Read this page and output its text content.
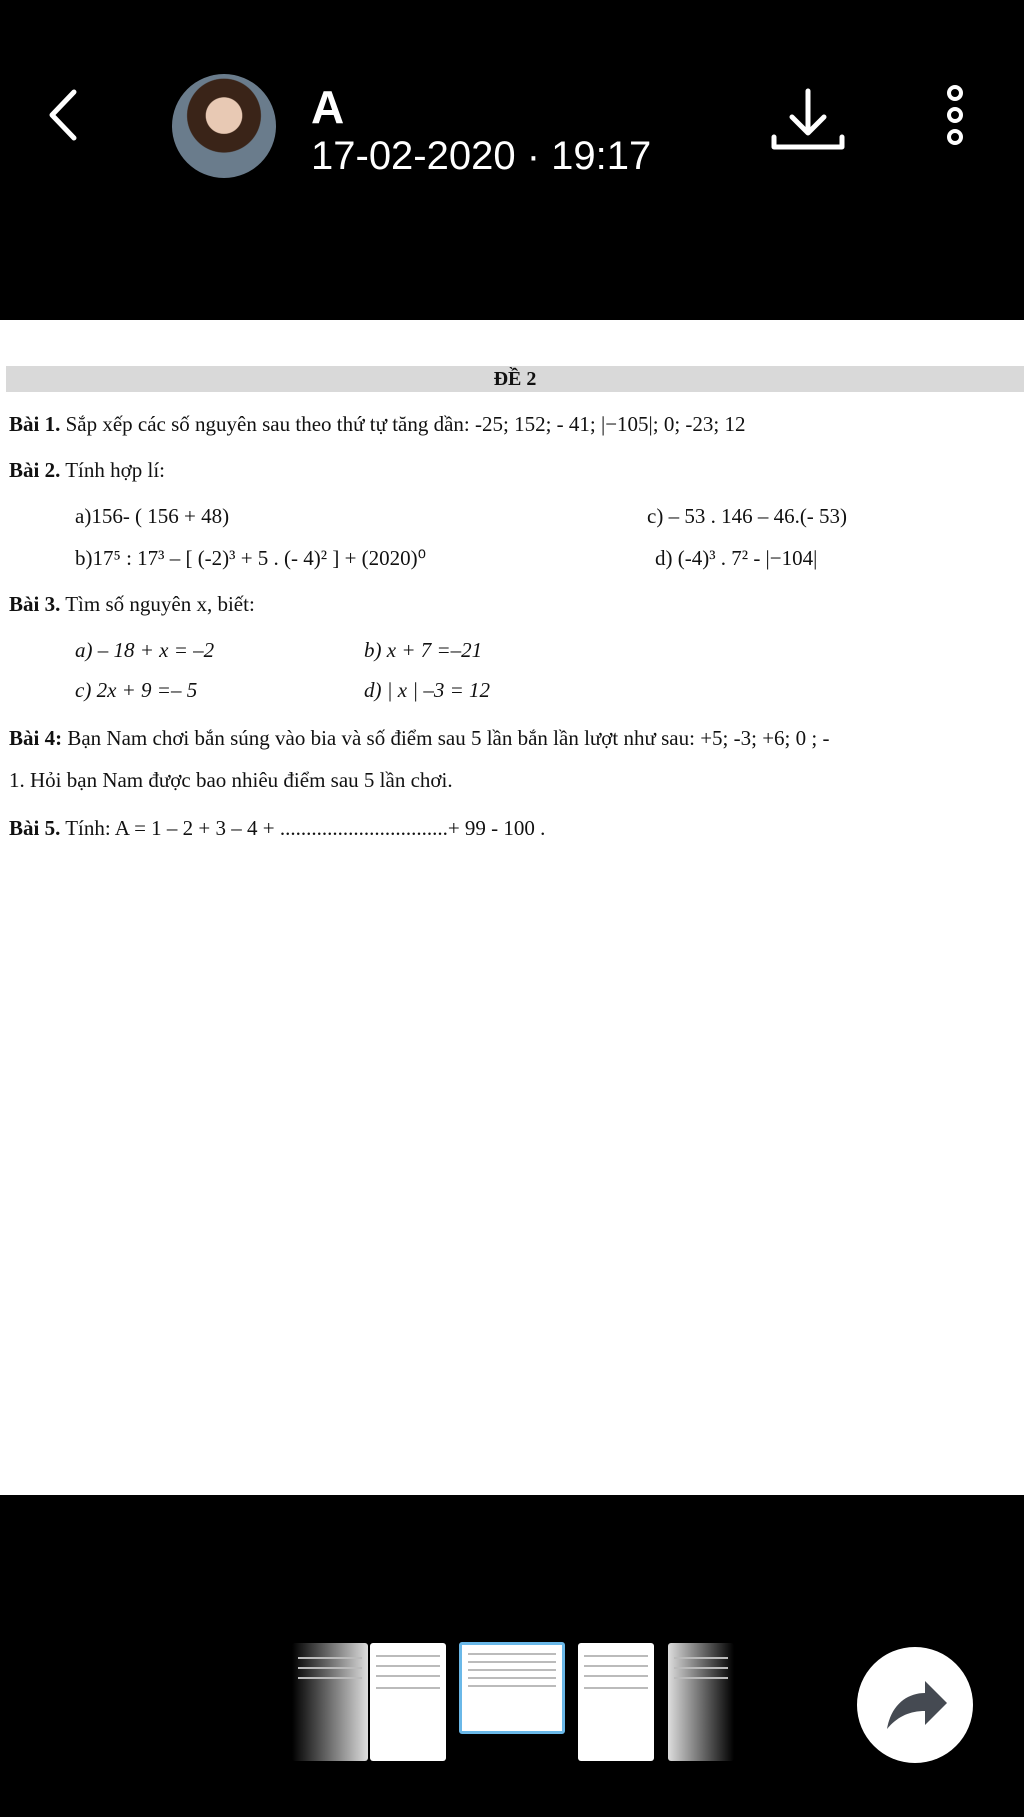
A
17-02-2020 · 19:17
ĐỀ 2
Bài 1. Sắp xếp các số nguyên sau theo thứ tự tăng dần: -25; 152; - 41; |−105|; 0; -23; 12
Bài 2. Tính hợp lí:
a)156- ( 156 + 48)	c) – 53 . 146 – 46.(- 53)
b)17⁵ : 17³ – [ (-2)³ + 5 . (- 4)² ] + (2020)⁰	d) (-4)³ . 7² - |−104|
Bài 3. Tìm số nguyên x, biết:
a) – 18 + x = –2	b) x + 7 =–21
c) 2x + 9 =– 5	d) | x | –3 = 12
Bài 4: Bạn Nam chơi bắn súng vào bia và số điểm sau 5 lần bắn lần lượt như sau: +5; -3; +6; 0 ; -
1. Hỏi bạn Nam được bao nhiêu điểm sau 5 lần chơi.
Bài 5. Tính: A = 1 – 2 + 3 – 4 + ................................+ 99 - 100 .
